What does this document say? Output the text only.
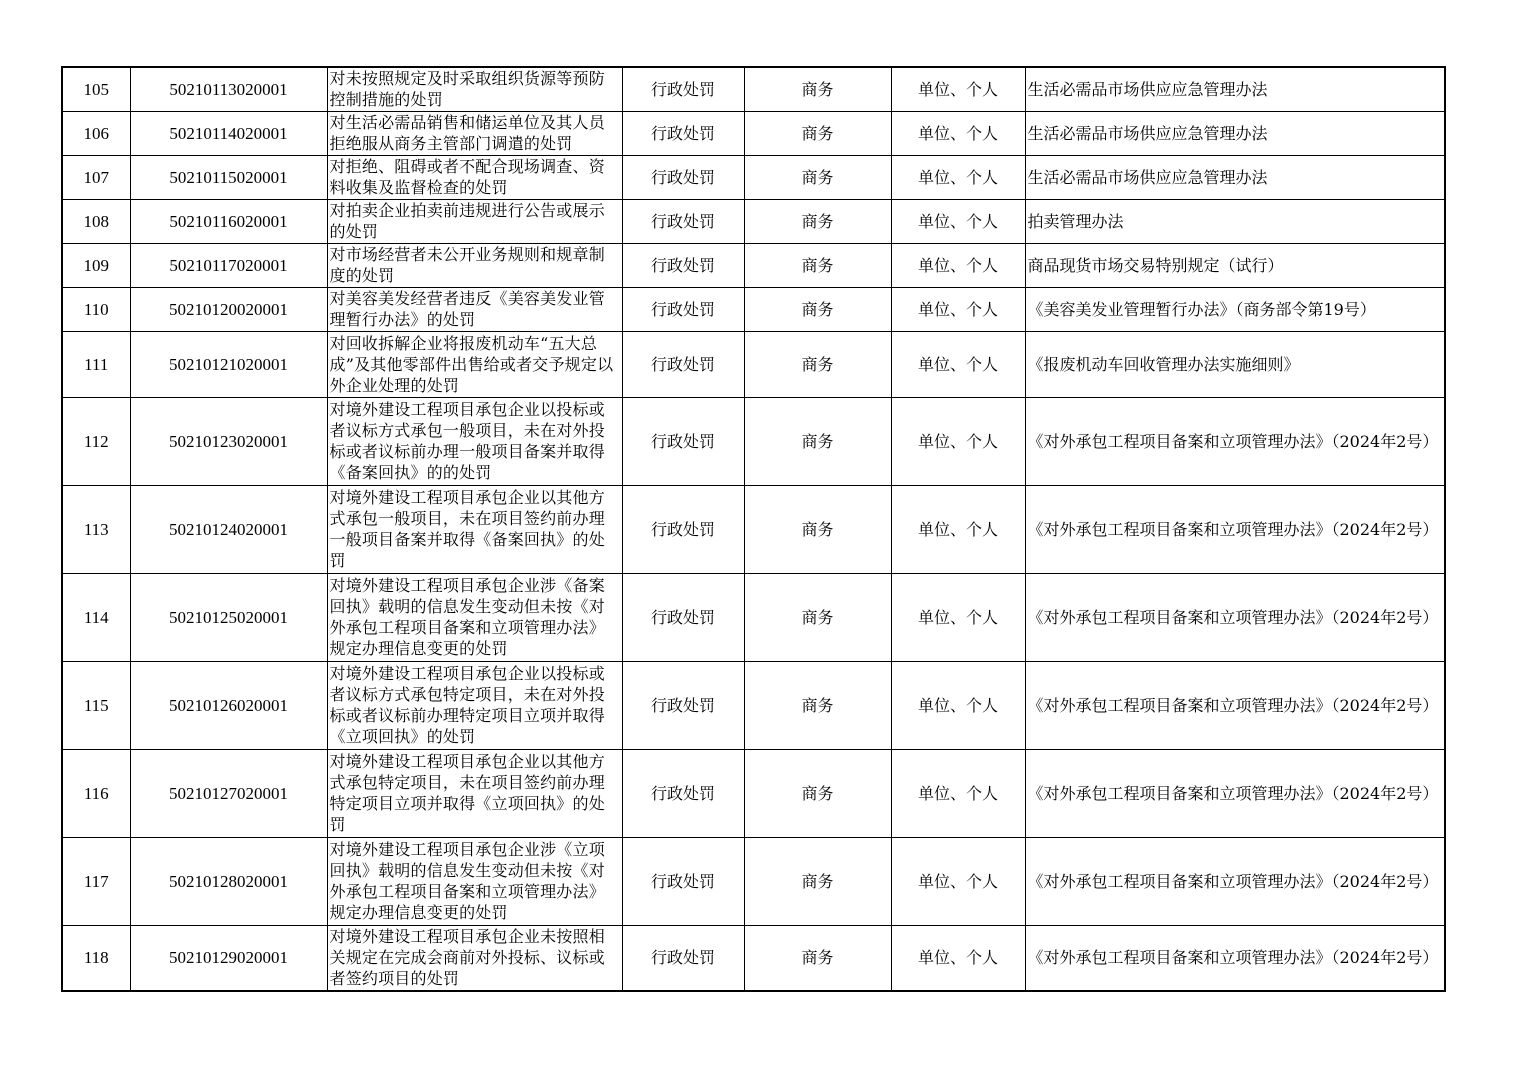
105	50210113020001	对未按照规定及时采取组织货源等预防控制措施的处罚	行政处罚	商务	单位、个人	生活必需品市场供应应急管理办法
106	50210114020001	对生活必需品销售和储运单位及其人员拒绝服从商务主管部门调遣的处罚	行政处罚	商务	单位、个人	生活必需品市场供应应急管理办法
107	50210115020001	对拒绝、阻碍或者不配合现场调查、资料收集及监督检查的处罚	行政处罚	商务	单位、个人	生活必需品市场供应应急管理办法
108	50210116020001	对拍卖企业拍卖前违规进行公告或展示的处罚	行政处罚	商务	单位、个人	拍卖管理办法
109	50210117020001	对市场经营者未公开业务规则和规章制度的处罚	行政处罚	商务	单位、个人	商品现货市场交易特别规定（试行）
110	50210120020001	对美容美发经营者违反《美容美发业管理暂行办法》的处罚	行政处罚	商务	单位、个人	《美容美发业管理暂行办法》（商务部令第19号）
111	50210121020001	对回收拆解企业将报废机动车“五大总成”及其他零部件出售给或者交予规定以外企业处理的处罚	行政处罚	商务	单位、个人	《报废机动车回收管理办法实施细则》
112	50210123020001	对境外建设工程项目承包企业以投标或者议标方式承包一般项目，未在对外投标或者议标前办理一般项目备案并取得《备案回执》的的处罚	行政处罚	商务	单位、个人	《对外承包工程项目备案和立项管理办法》（2024年2号）
113	50210124020001	对境外建设工程项目承包企业以其他方式承包一般项目，未在项目签约前办理一般项目备案并取得《备案回执》的处罚	行政处罚	商务	单位、个人	《对外承包工程项目备案和立项管理办法》（2024年2号）
114	50210125020001	对境外建设工程项目承包企业涉《备案回执》载明的信息发生变动但未按《对外承包工程项目备案和立项管理办法》规定办理信息变更的处罚	行政处罚	商务	单位、个人	《对外承包工程项目备案和立项管理办法》（2024年2号）
115	50210126020001	对境外建设工程项目承包企业以投标或者议标方式承包特定项目，未在对外投标或者议标前办理特定项目立项并取得《立项回执》的处罚	行政处罚	商务	单位、个人	《对外承包工程项目备案和立项管理办法》（2024年2号）
116	50210127020001	对境外建设工程项目承包企业以其他方式承包特定项目，未在项目签约前办理特定项目立项并取得《立项回执》的处罚	行政处罚	商务	单位、个人	《对外承包工程项目备案和立项管理办法》（2024年2号）
117	50210128020001	对境外建设工程项目承包企业涉《立项回执》载明的信息发生变动但未按《对外承包工程项目备案和立项管理办法》规定办理信息变更的处罚	行政处罚	商务	单位、个人	《对外承包工程项目备案和立项管理办法》（2024年2号）
118	50210129020001	对境外建设工程项目承包企业未按照相关规定在完成会商前对外投标、议标或者签约项目的处罚	行政处罚	商务	单位、个人	《对外承包工程项目备案和立项管理办法》（2024年2号）
